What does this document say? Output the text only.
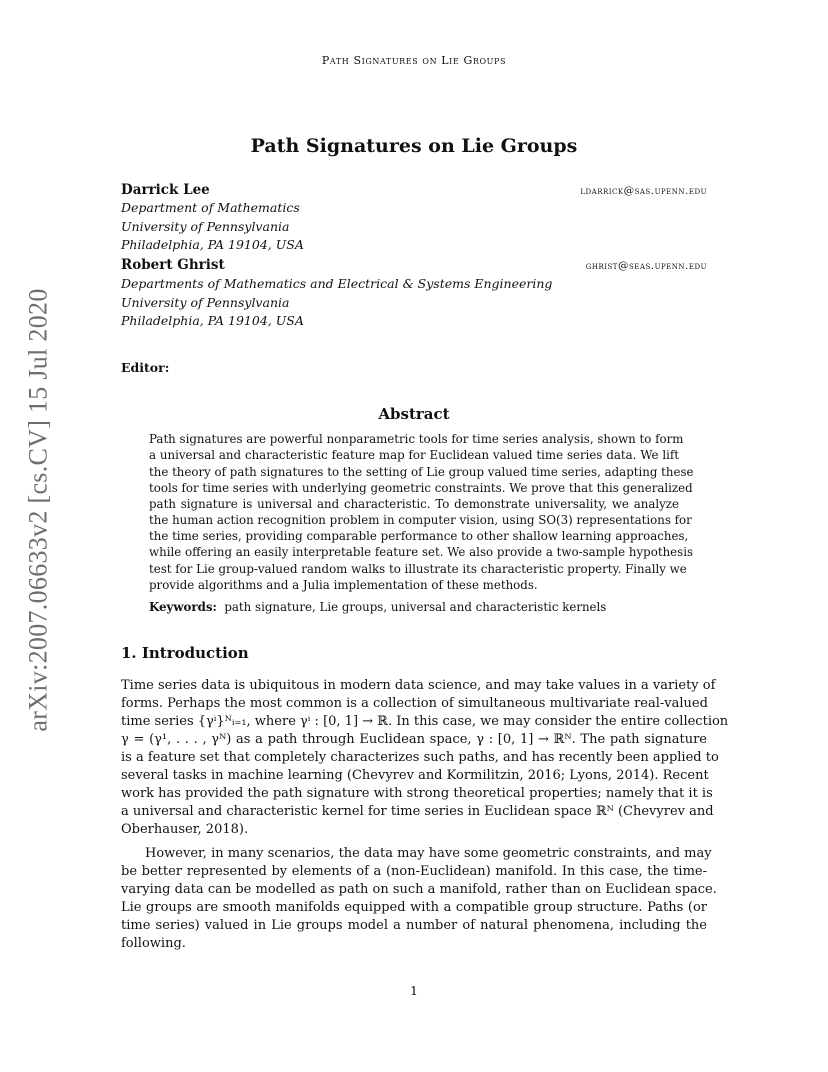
Path Signatures on Lie Groups
Path Signatures on Lie Groups
Darrick Lee	ldarrick@sas.upenn.edu
Department of Mathematics
University of Pennsylvania
Philadelphia, PA 19104, USA
Robert Ghrist	ghrist@seas.upenn.edu
Departments of Mathematics and Electrical & Systems Engineering
University of Pennsylvania
Philadelphia, PA 19104, USA
Editor:
Abstract
Path signatures are powerful nonparametric tools for time series analysis, shown to form
a universal and characteristic feature map for Euclidean valued time series data. We lift
the theory of path signatures to the setting of Lie group valued time series, adapting these
tools for time series with underlying geometric constraints. We prove that this generalized
path signature is universal and characteristic. To demonstrate universality, we analyze
the human action recognition problem in computer vision, using SO(3) representations for
the time series, providing comparable performance to other shallow learning approaches,
while offering an easily interpretable feature set. We also provide a two-sample hypothesis
test for Lie group-valued random walks to illustrate its characteristic property. Finally we
provide algorithms and a Julia implementation of these methods.
Keywords: path signature, Lie groups, universal and characteristic kernels
1. Introduction
Time series data is ubiquitous in modern data science, and may take values in a variety of
forms. Perhaps the most common is a collection of simultaneous multivariate real-valued
time series {γⁱ}ᴺᵢ₌₁, where γⁱ : [0, 1] → ℝ. In this case, we may consider the entire collection
γ = (γ¹, . . . , γᴺ) as a path through Euclidean space, γ : [0, 1] → ℝᴺ. The path signature
is a feature set that completely characterizes such paths, and has recently been applied to
several tasks in machine learning (Chevyrev and Kormilitzin, 2016; Lyons, 2014). Recent
work has provided the path signature with strong theoretical properties; namely that it is
a universal and characteristic kernel for time series in Euclidean space ℝᴺ (Chevyrev and
Oberhauser, 2018).
However, in many scenarios, the data may have some geometric constraints, and may
be better represented by elements of a (non-Euclidean) manifold. In this case, the time-
varying data can be modelled as path on such a manifold, rather than on Euclidean space.
Lie groups are smooth manifolds equipped with a compatible group structure. Paths (or
time series) valued in Lie groups model a number of natural phenomena, including the
following.
1
arXiv:2007.06633v2 [cs.CV] 15 Jul 2020
